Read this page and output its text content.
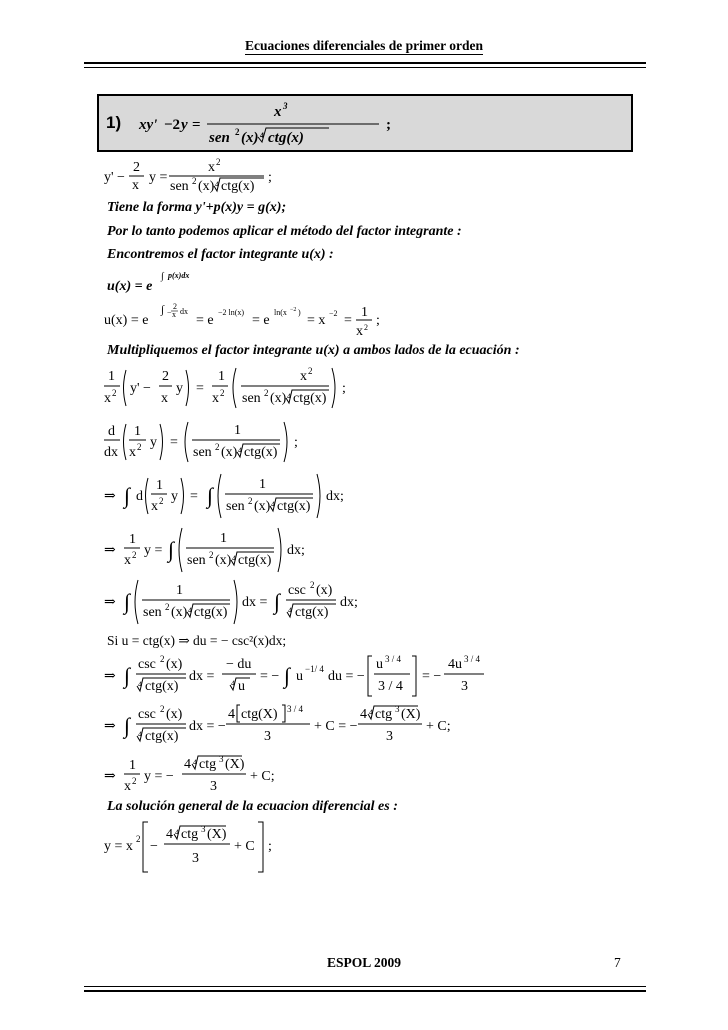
Ecuaciones diferenciales de primer orden
1) xy' −2 y =
x 3
sen 2 (x) 4 ctg(x)
;
y' −
2
x
y =
x 2
sen 2 (x) 4 ctg(x)
;
Tiene la forma y'+p(x)y = g(x);
Por lo tanto podemos aplicar el método del factor integrante :
Encontremos el factor integrante u(x) :
u(x) = e
∫ p(x)dx
u(x) = e
∫ −
2
x dx
= e
−2 ln(x)
= e
ln(x −2 )
= x −2 =
1
x 2 ;
Multipliquemos el factor integrante u(x) a ambos lados de la ecuación :
1
x 2 y' −
2
x
y =
1
x 2
x 2
sen 2 (x) 4 ctg(x)
;
d
dx
1
x 2 y =
1
sen 2 (x) 4 ctg(x)
;
⇒ ∫ d
1
x 2 y = ∫	1
sen 2 (x) 4 ctg(x)
dx;
⇒
1
x 2 y = ∫	1
sen 2 (x) 4 ctg(x)
dx;
⇒ ∫	1
sen 2 (x) 4 ctg(x)
dx = ∫ csc 2 (x)
4 ctg(x)
dx;
Si u = ctg(x) ⇒ du = − csc²(x)dx;
⇒ ∫ csc 2 (x)
4 ctg(x)
dx =
− du
4 u
= − ∫ u −1/ 4 du = −
u 3 / 4
3 / 4
= −
4u 3 / 4
3
⇒ ∫ csc 2 (x)
4 ctg(x)
dx = −
4 ctg(X) 3 / 4
3
+ C = −
4 4 ctg 3 (X)
3
+ C;
⇒
1
x 2 y = −
4 4 ctg 3 (X)
3
+ C;
La solución general de la ecuacion diferencial es :
y = x 2 −
4 4 ctg 3 (X)
3
+ C ;
ESPOL 2009	7
